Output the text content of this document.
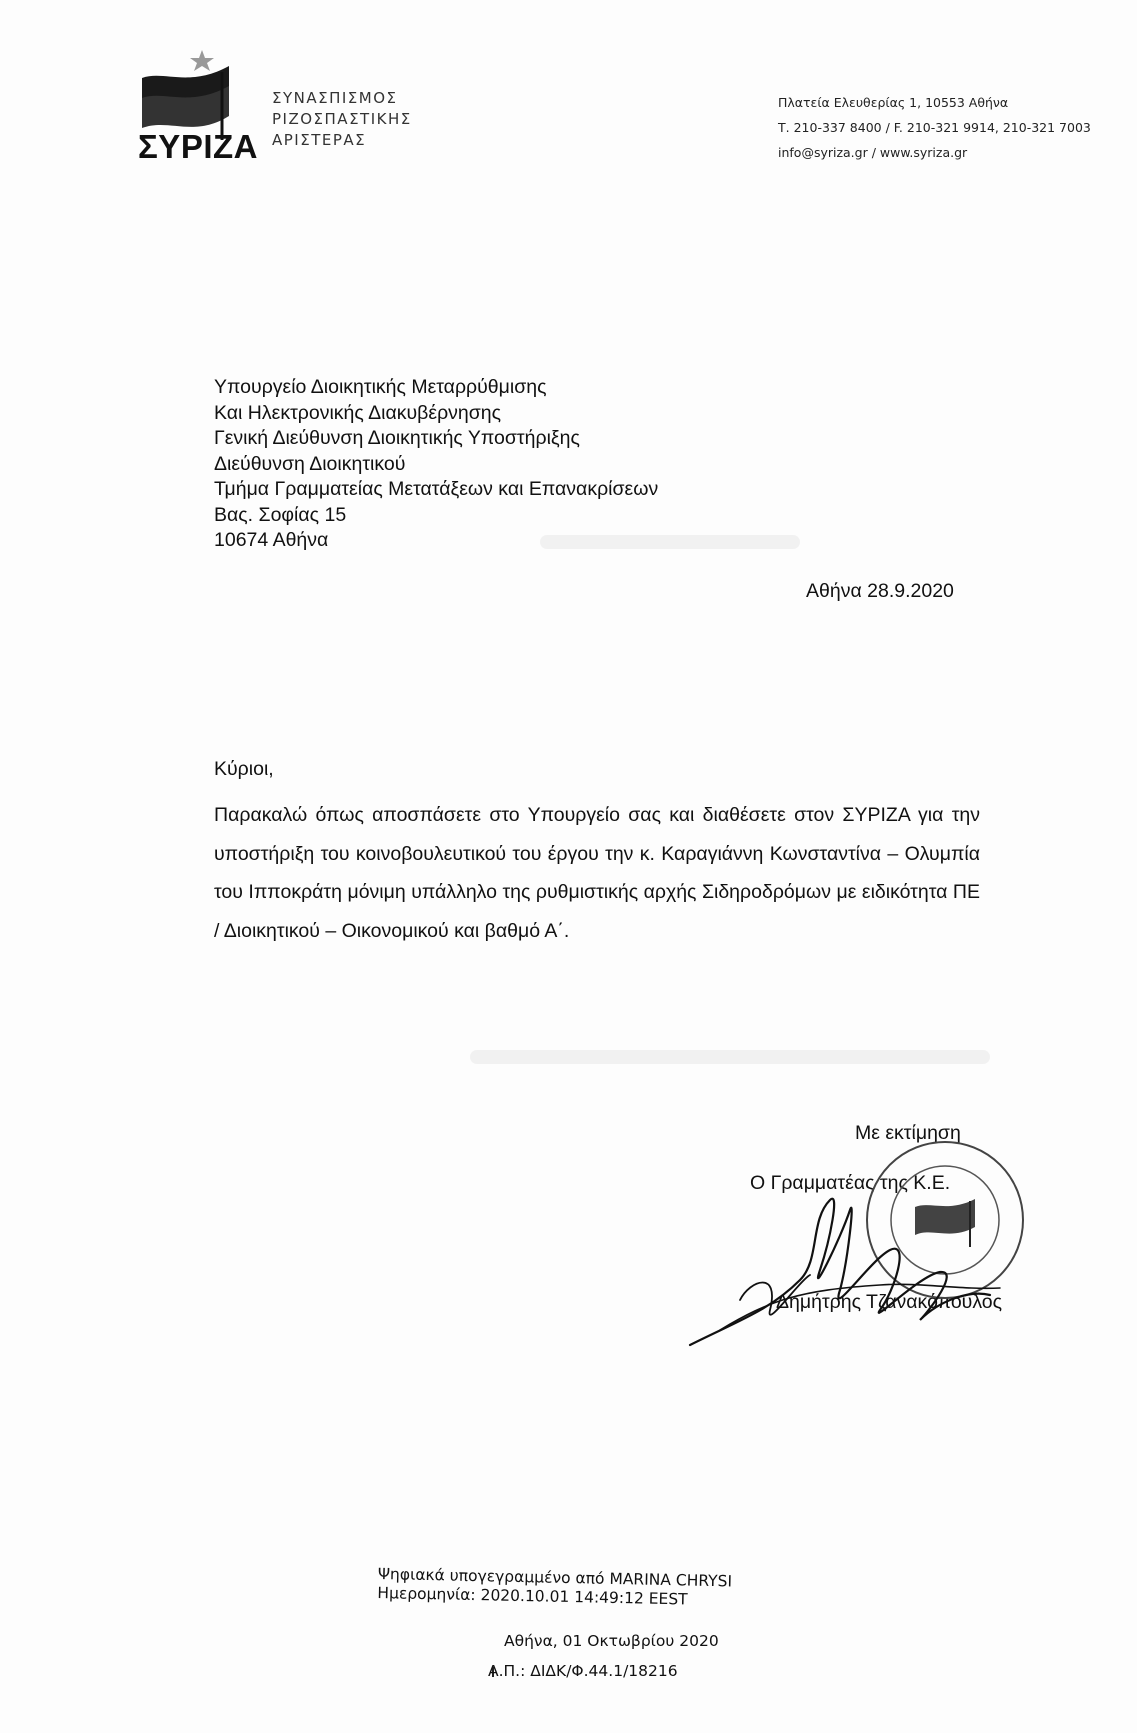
ΣΥΡΙΖΑ
ΣΥΝΑΣΠΙΣΜΟΣ
ΡΙΖΟΣΠΑΣΤΙΚΗΣ
ΑΡΙΣΤΕΡΑΣ
Πλατεία Ελευθερίας 1, 10553 Αθήνα
Τ. 210-337 8400 / F. 210-321 9914, 210-321 7003
info@syriza.gr / www.syriza.gr
Υπουργείο Διοικητικής Μεταρρύθμισης
Και Ηλεκτρονικής Διακυβέρνησης
Γενική Διεύθυνση Διοικητικής Υποστήριξης
Διεύθυνση Διοικητικού
Τμήμα Γραμματείας Μετατάξεων και Επανακρίσεων
Βας. Σοφίας 15
10674 Αθήνα
Αθήνα 28.9.2020
Κύριοι,
Παρακαλώ όπως αποσπάσετε στο Υπουργείο σας και διαθέσετε στον ΣΥΡΙΖΑ για την υποστήριξη του κοινοβουλευτικού του έργου την κ. Καραγιάννη Κωνσταντίνα – Ολυμπία του Ιπποκράτη μόνιμη υπάλληλο της ρυθμιστικής αρχής Σιδηροδρόμων με ειδικότητα ΠΕ / Διοικητικού – Οικονομικού και βαθμό Α΄.
Με εκτίμηση
Ο Γραμματέας της Κ.Ε.
Δημήτρης Τζανακόπουλος
Ψηφιακά υπογεγραμμένο από MARINA CHRYSI
Ημερομηνία: 2020.10.01 14:49:12 EEST
Αθήνα, 01 Οκτωβρίου 2020
Α.Π.: ΔΙΔΚ/Φ.44.1/18216
